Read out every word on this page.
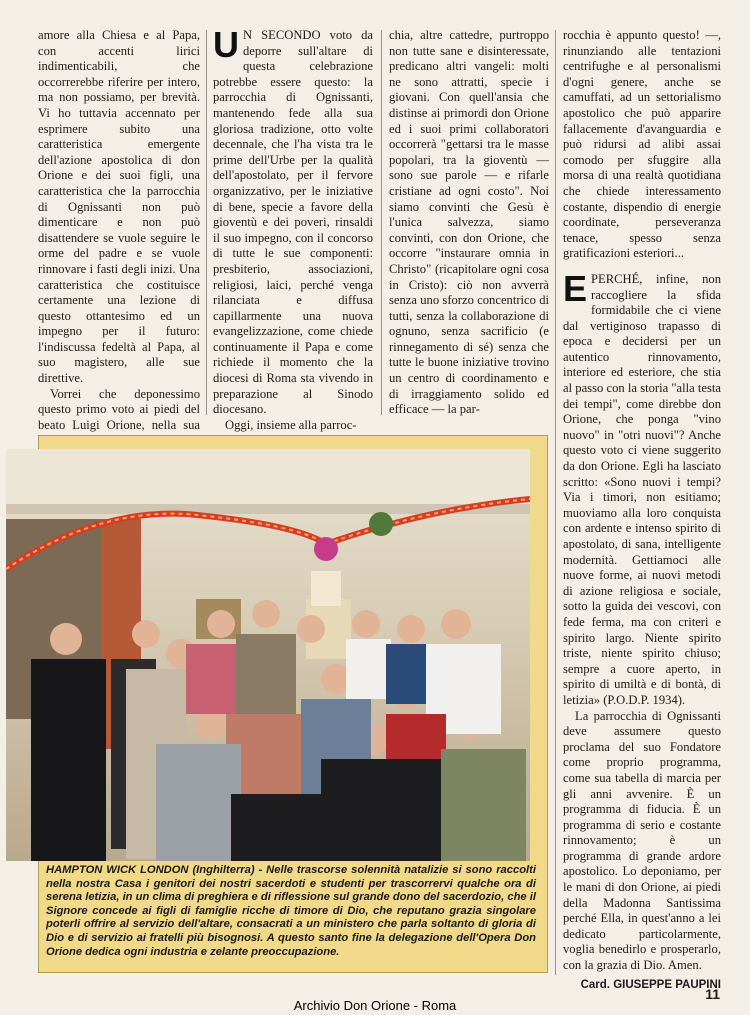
amore alla Chiesa e al Papa, con accenti lirici indimenticabili, che occorrerebbe riferire per intero, ma non possiamo, per brevità. Vi ho tuttavia accennato per esprimere subito una caratteristica emergente dell'azione apostolica di don Orione e dei suoi figli, una caratteristica che la parrocchia di Ognissanti non può dimenticare e non può disattendere se vuole seguire le orme del padre e se vuole rinnovare i fasti degli inizi. Una caratteristica che costituisce certamente una lezione di questo ottantesimo ed un impegno per il futuro: l'indiscussa fedeltà al Papa, al suo magistero, alle sue direttive.

Vorrei che deponessimo questo primo voto ai piedi del beato Luigi Orione, nella sua

U N SECONDO voto da deporre sull'altare di questa celebrazione potrebbe essere questo: la parrocchia di Ognissanti, mantenendo fede alla sua gloriosa tradizione, otto volte decennale, che l'ha vista tra le prime dell'Urbe per la qualità dell'apostolato, per il fervore organizzativo, per le iniziative di bene, specie a favore della gioventù e dei poveri, rinsaldi il suo impegno, con il concorso di tutte le sue componenti: presbiterio, associazioni, religiosi, laici, perché venga rilanciata e diffusa capillarmente una nuova evangelizzazione, come chiede continuamente il Papa e come richiede il momento che la diocesi di Roma sta vivendo in preparazione al Sinodo diocesano.

Oggi, insieme alla parroc-

chia, altre cattedre, purtroppo non tutte sane e disinteressate, predicano altri vangeli: molti ne sono attratti, specie i giovani. Con quell'ansia che distinse ai primordi don Orione ed i suoi primi collaboratori occorrerà "gettarsi tra le masse popolari, tra la gioventù —sono sue parole — e rifarle cristiane ad ogni costo". Noi siamo convinti che Gesù è l'unica salvezza, siamo convinti, con don Orione, che occorre "instaurare omnia in Christo" (ricapitolare ogni cosa in Cristo): ciò non avverrà senza uno sforzo concentrico di tutti, senza la collaborazione di ognuno, senza sacrificio (e rinnegamento di sé) senza che tutte le buone iniziative trovino un centro di coordinamento e di irraggiamento solido ed efficace — la par-

rocchia è appunto questo! —, rinunziando alle tentazioni centrifughe e al personalismi d'ogni genere, anche se camuffati, ad un settorialismo apostolico che può apparire fallacemente d'avanguardia e può ridursi ad alibi assai comodo per sfuggire alla morsa di una realtà quotidiana che chiede interessamento costante, dispendio di energie coordinate, perseveranza tenace, spesso senza gratificazioni esteriori...

EPERCHÉ, infine, non raccogliere la sfida formidabile che ci viene dal vertiginoso trapasso di epoca e decidersi per un autentico rinnovamento, interiore ed esteriore, che stia al passo con la storia "alla testa dei tempi", come direbbe don Orione, che ponga "vino nuovo" in "otri nuovi"? Anche questo voto ci viene suggerito da don Orione. Egli ha lasciato scritto: «Sono nuovi i tempi? Via i timori, non esitiamo; muoviamo alla loro conquista con ardente e intenso spirito di apostolato, di sana, intelligente modernità. Gettiamoci alle nuove forme, ai nuovi metodi di azione religiosa e sociale, sotto la guida dei vescovi, con fede ferma, ma con criteri e spirito largo. Niente spirito triste, niente spirito chiuso; sempre a cuore aperto, in spirito di umiltà e di bontà, di letizia» (P.O.D.P. 1934).

La parrocchia di Ognissanti deve assumere questo proclama del suo Fondatore come proprio programma, come sua tabella di marcia per gli anni avvenire. È un programma di fiducia. È un programma di serio e costante rinnovamento; è un programma di grande ardore apostolico. Lo deponiamo, per le mani di don Orione, ai piedi della Madonna Santissima perché Ella, in quest'anno a lei dedicato particolarmente, voglia benedirlo e prosperarlo, con la grazia di Dio. Amen.

Card. GIUSEPPE PAUPINI
HAMPTON WICK LONDON (Inghilterra) - Nelle trascorse solennità natalizie si sono raccolti nella nostra Casa i genitori dei nostri sacerdoti e studenti per trascorrervi qualche ora di serena letizia, in un clima di preghiera e di riflessione sul grande dono del sacerdozio, che il Signore concede ai figli di famiglie ricche di timore di Dio, che reputano grazia singolare poterli offrire al servizio dell'altare, consacrati a un ministero che parla soltanto di gloria di Dio e di servizio ai fratelli più bisognosi. A questo santo fine la delegazione dell'Opera Don Orione dedica ogni industria e zelante preoccupazione.
Archivio Don Orione - Roma
11
